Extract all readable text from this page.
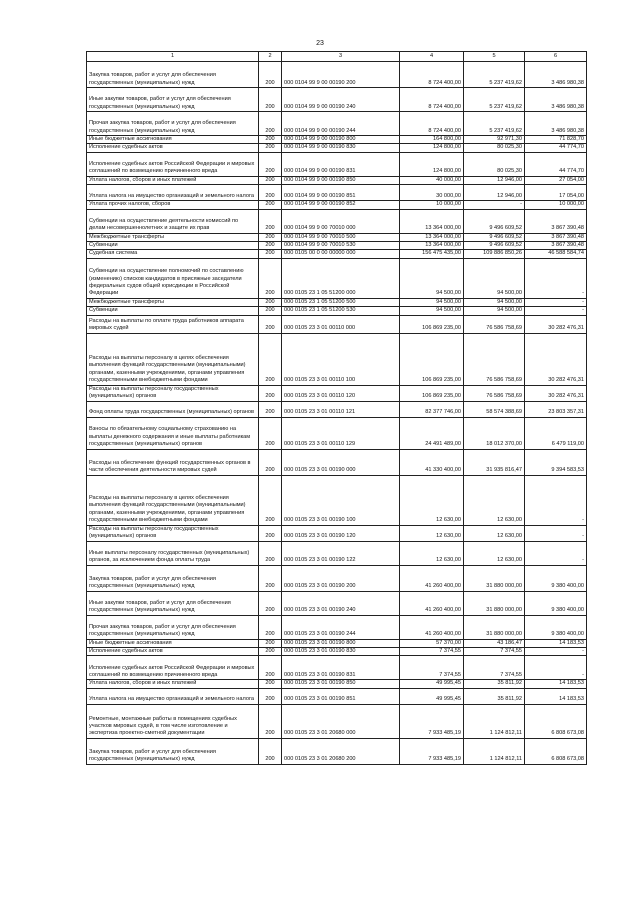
23
1	2	3	4	5	6
Закупка товаров, работ и услуг для обеспечения государственных (муниципальных) нужд	200	000 0104 99 9 00 00190 200	8 724 400,00	5 237 419,62	3 486 980,38
Иные закупки товаров, работ и услуг для обеспечения государственных (муниципальных) нужд	200	000 0104 99 9 00 00190 240	8 724 400,00	5 237 419,62	3 486 980,38
Прочая закупка товаров, работ и услуг для обеспечения государственных (муниципальных) нужд	200	000 0104 99 9 00 00190 244	8 724 400,00	5 237 419,62	3 486 980,38
Иные бюджетные ассигнования	200	000 0104 99 9 00 00190 800	164 800,00	92 971,30	71 828,70
Исполнение судебных актов	200	000 0104 99 9 00 00190 830	124 800,00	80 025,30	44 774,70
Исполнение судебных актов Российской Федерации и мировых соглашений по возмещению причиненного вреда	200	000 0104 99 9 00 00190 831	124 800,00	80 025,30	44 774,70
Уплата налогов, сборов и иных платежей	200	000 0104 99 9 00 00190 850	40 000,00	12 946,00	27 054,00
Уплата налога на имущество организаций и земельного налога	200	000 0104 99 9 00 00190 851	30 000,00	12 946,00	17 054,00
Уплата прочих налогов, сборов	200	000 0104 99 9 00 00190 852	10 000,00	-	10 000,00
Субвенции на осуществление деятельности комиссий по делам несовершеннолетних и защите их прав	200	000 0104 99 9 00 70010 000	13 364 000,00	9 496 609,52	3 867 390,48
Межбюджетные трансферты	200	000 0104 99 9 00 70010 500	13 364 000,00	9 496 609,52	3 867 390,48
Субвенции	200	000 0104 99 9 00 70010 530	13 364 000,00	9 496 609,52	3 867 390,48
Судебная система	200	000 0105 00 0 00 00000 000	156 475 435,00	109 886 850,26	46 588 584,74
Субвенции на осуществление полномочий по составлению (изменению) списков кандидатов в присяжные заседатели федеральных судов общей юрисдикции в Российской Федерации	200	000 0105 23 1 05 51200 000	94 500,00	94 500,00	-
Межбюджетные трансферты	200	000 0105 23 1 05 51200 500	94 500,00	94 500,00	-
Субвенции	200	000 0105 23 1 05 51200 530	94 500,00	94 500,00	-
Расходы на выплаты по оплате труда работников аппарата мировых судей	200	000 0105 23 3 01 00110 000	106 869 235,00	76 586 758,69	30 282 476,31
Расходы на выплаты персоналу в целях обеспечения выполнения функций государственными (муниципальными) органами, казенными учреждениями, органами управления государственными внебюджетными фондами	200	000 0105 23 3 01 00110 100	106 869 235,00	76 586 758,69	30 282 476,31
Расходы на выплаты персоналу государственных (муниципальных) органов	200	000 0105 23 3 01 00110 120	106 869 235,00	76 586 758,69	30 282 476,31
Фонд оплаты труда государственных (муниципальных) органов	200	000 0105 23 3 01 00110 121	82 377 746,00	58 574 388,69	23 803 357,31
Взносы по обязательному социальному страхованию на выплаты денежного содержания и иные выплаты работникам государственных (муниципальных) органов	200	000 0105 23 3 01 00110 129	24 491 489,00	18 012 370,00	6 479 119,00
Расходы на обеспечение функций государственных органов в части обеспечения деятельности мировых судей	200	000 0105 23 3 01 00190 000	41 330 400,00	31 935 816,47	9 394 583,53
Расходы на выплаты персоналу в целях обеспечения выполнения функций государственными (муниципальными) органами, казенными учреждениями, органами управления государственными внебюджетными фондами	200	000 0105 23 3 01 00190 100	12 630,00	12 630,00	-
Расходы на выплаты персоналу государственных (муниципальных) органов	200	000 0105 23 3 01 00190 120	12 630,00	12 630,00	-
Иные выплаты персоналу государственных (муниципальных) органов, за исключением фонда оплаты труда	200	000 0105 23 3 01 00190 122	12 630,00	12 630,00	-
Закупка товаров, работ и услуг для обеспечения государственных (муниципальных) нужд	200	000 0105 23 3 01 00190 200	41 260 400,00	31 880 000,00	9 380 400,00
Иные закупки товаров, работ и услуг для обеспечения государственных (муниципальных) нужд	200	000 0105 23 3 01 00190 240	41 260 400,00	31 880 000,00	9 380 400,00
Прочая закупка товаров, работ и услуг для обеспечения государственных (муниципальных) нужд	200	000 0105 23 3 01 00190 244	41 260 400,00	31 880 000,00	9 380 400,00
Иные бюджетные ассигнования	200	000 0105 23 3 01 00190 800	57 370,00	43 186,47	14 183,53
Исполнение судебных актов	200	000 0105 23 3 01 00190 830	7 374,55	7 374,55	-
Исполнение судебных актов Российской Федерации и мировых соглашений по возмещению причиненного вреда	200	000 0105 23 3 01 00190 831	7 374,55	7 374,55	-
Уплата налогов, сборов и иных платежей	200	000 0105 23 3 01 00190 850	49 995,45	35 811,92	14 183,53
Уплата налога на имущество организаций и земельного налога	200	000 0105 23 3 01 00190 851	49 995,45	35 811,92	14 183,53
Ремонтные, монтажные работы в помещениях судебных участков мировых судей, в том числе изготовление и экспертиза проектно-сметной документации	200	000 0105 23 3 01 20680 000	7 933 485,19	1 124 812,11	6 808 673,08
Закупка товаров, работ и услуг для обеспечения государственных (муниципальных) нужд	200	000 0105 23 3 01 20680 200	7 933 485,19	1 124 812,11	6 808 673,08
